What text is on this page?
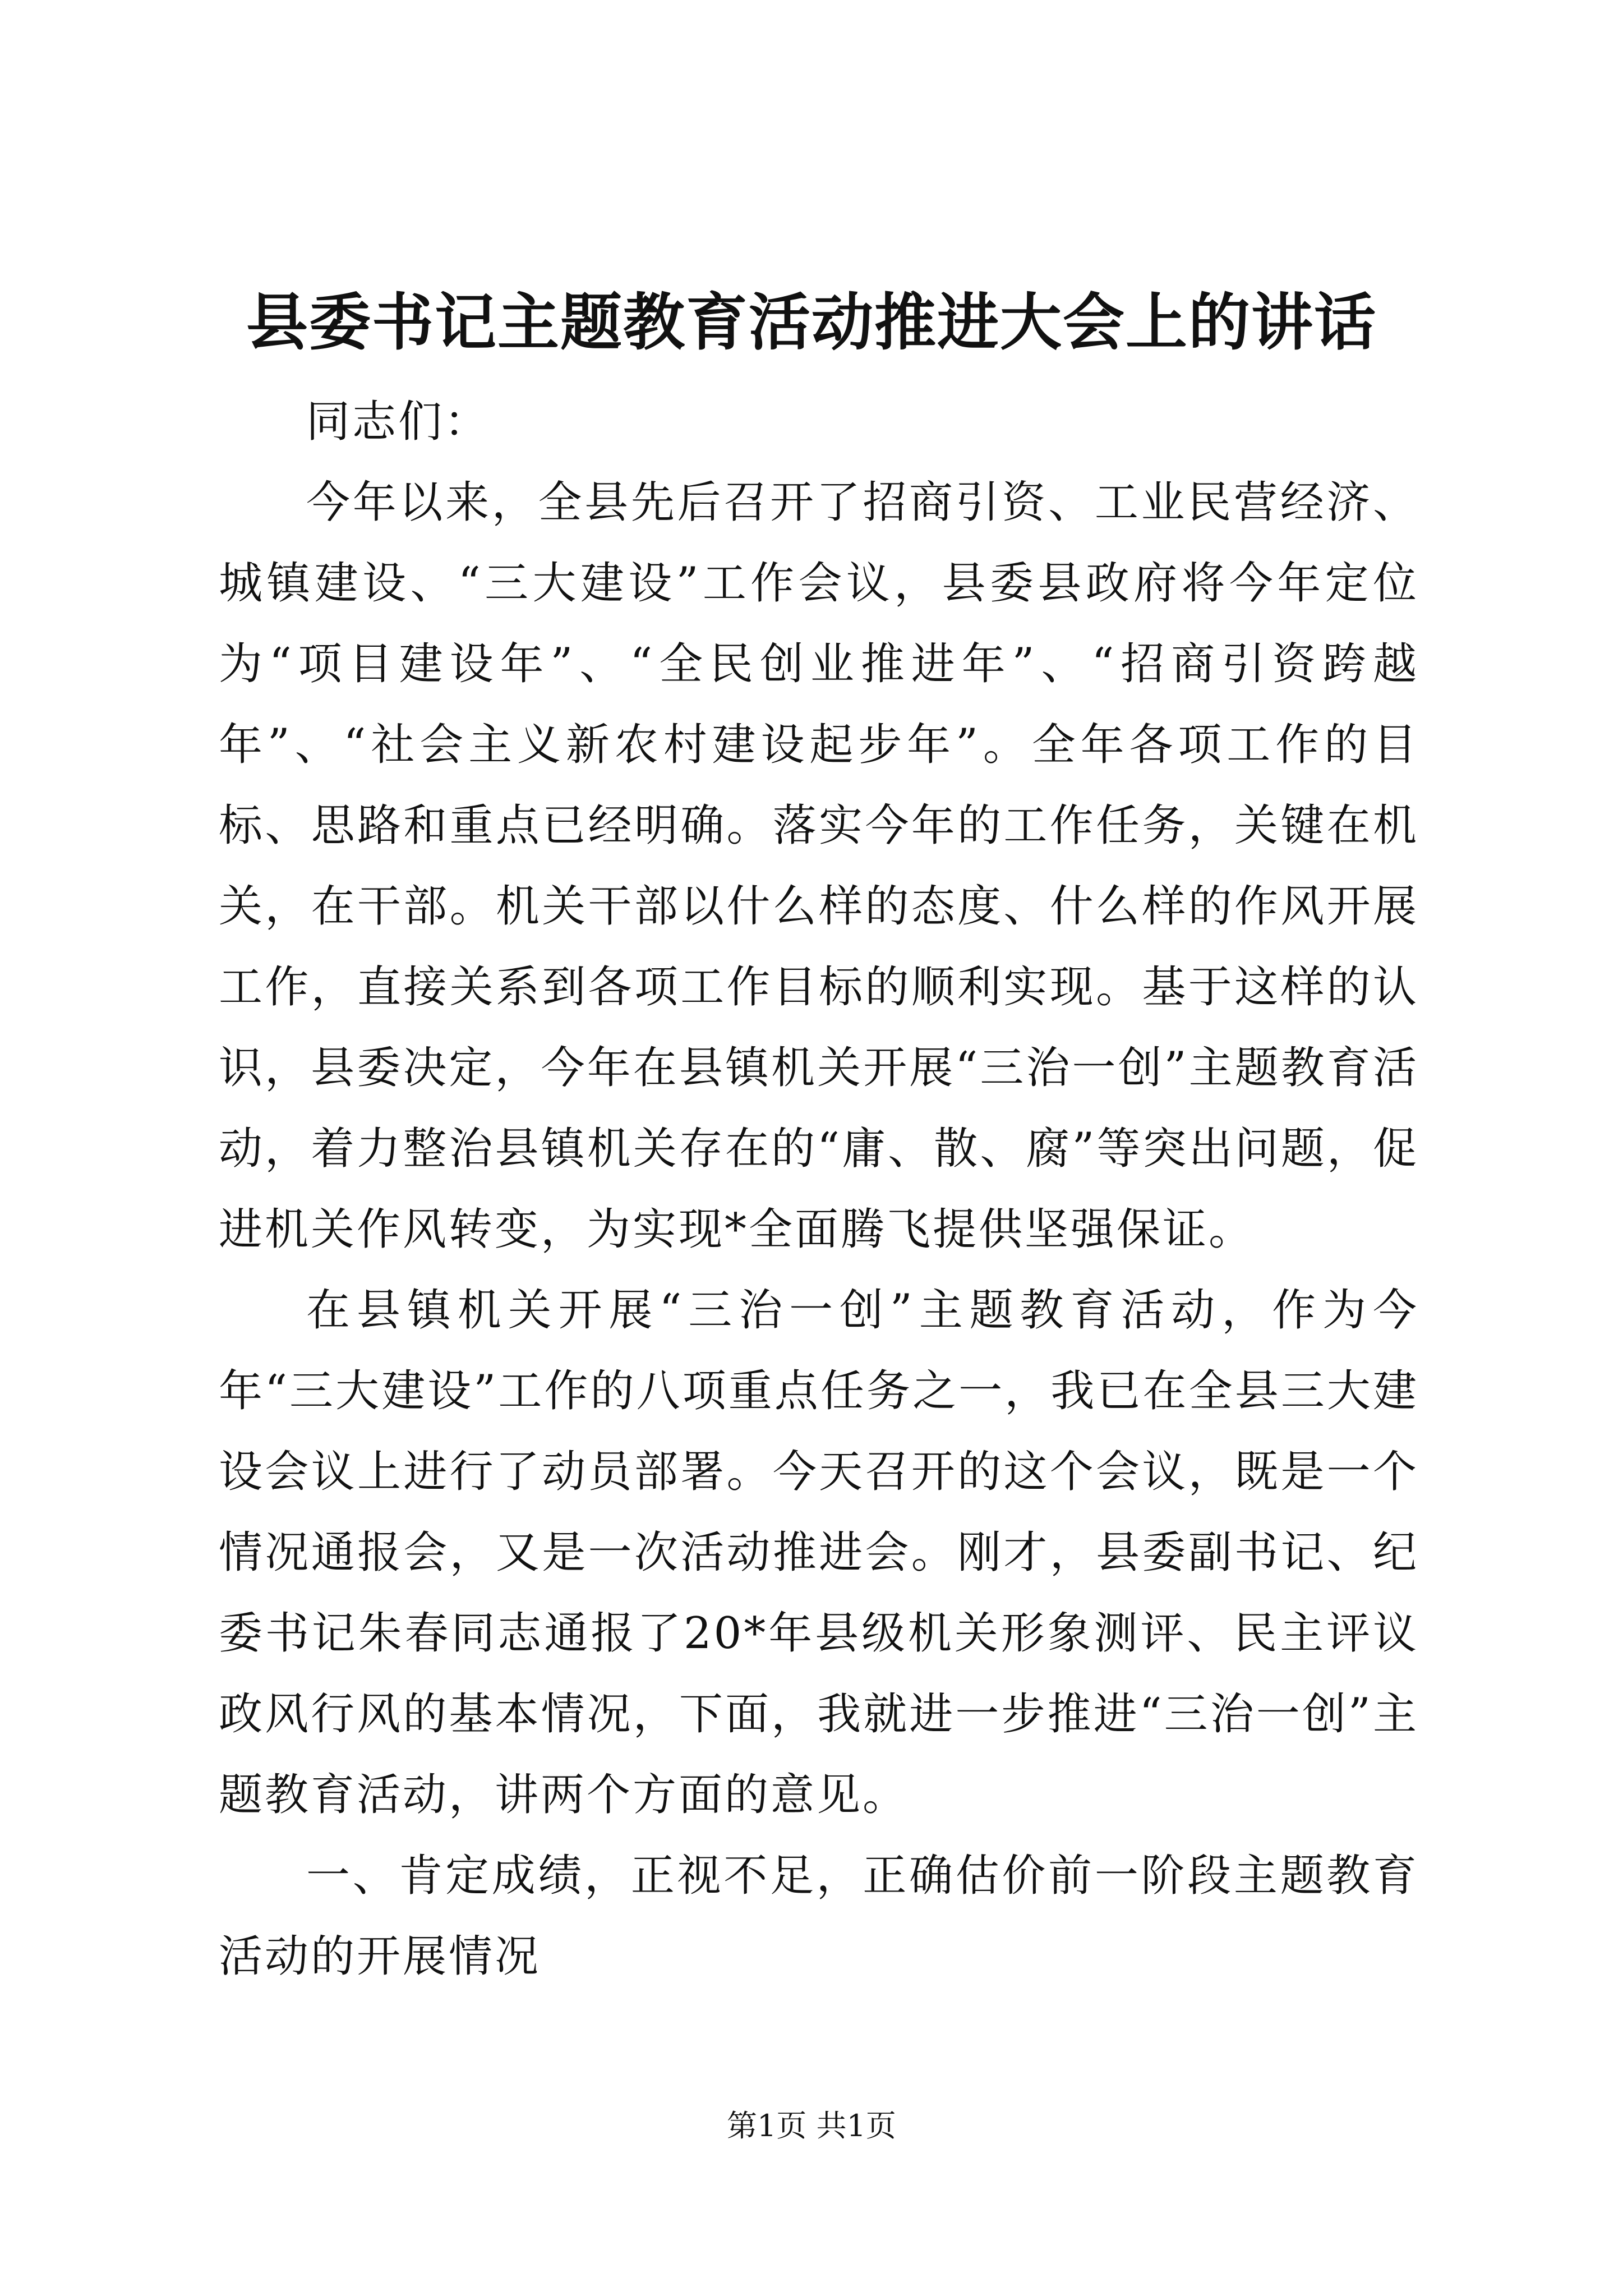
县委书记主题教育活动推进大会上的讲话

同志们：

今年以来，全县先后召开了招商引资、工业民营经济、城镇建设、“三大建设”工作会议，县委县政府将今年定位为“项目建设年”、“全民创业推进年”、“招商引资跨越年”、“社会主义新农村建设起步年”。全年各项工作的目标、思路和重点已经明确。落实今年的工作任务，关键在机关，在干部。机关干部以什么样的态度、什么样的作风开展工作，直接关系到各项工作目标的顺利实现。基于这样的认识，县委决定，今年在县镇机关开展“三治一创”主题教育活动，着力整治县镇机关存在的“庸、散、腐”等突出问题，促进机关作风转变，为实现*全面腾飞提供坚强保证。

在县镇机关开展“三治一创”主题教育活动，作为今年“三大建设”工作的八项重点任务之一，我已在全县三大建设会议上进行了动员部署。今天召开的这个会议，既是一个情况通报会，又是一次活动推进会。刚才，县委副书记、纪委书记朱春同志通报了20*年县级机关形象测评、民主评议政风行风的基本情况，下面，我就进一步推进“三治一创”主题教育活动，讲两个方面的意见。

一、肯定成绩，正视不足，正确估价前一阶段主题教育活动的开展情况

第1页 共1页
